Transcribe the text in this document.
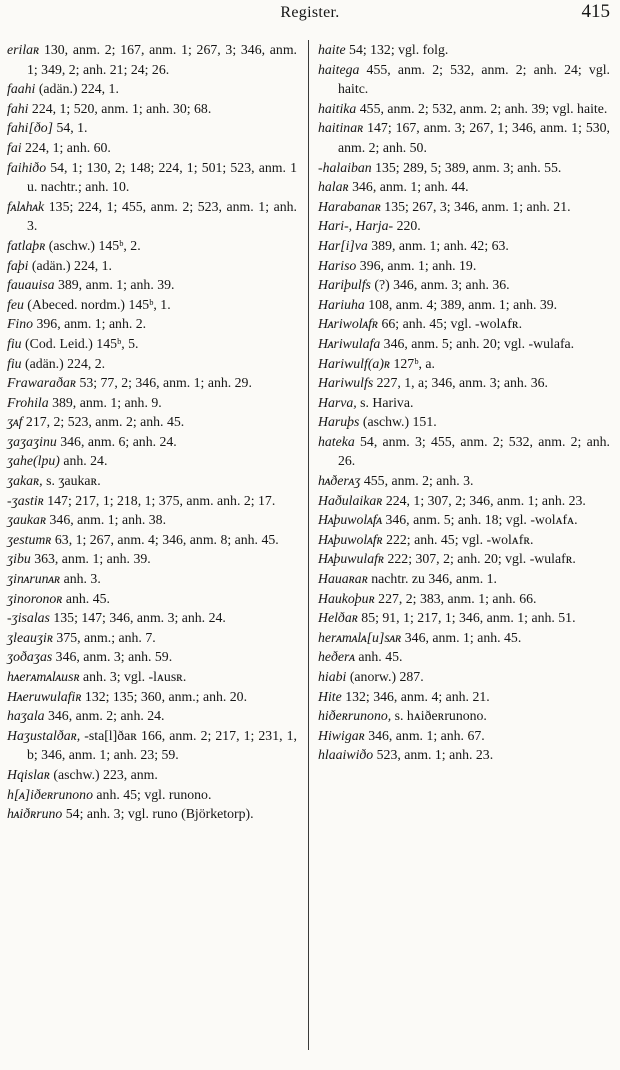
Register.	415
erilaʀ 130, anm. 2; 167, anm. 1; 267, 3; 346, anm. 1; 349, 2; anh. 21; 24; 26.
faahi (adän.) 224, 1.
fahi 224, 1; 520, anm. 1; anh. 30; 68.
fahi[ðo] 54, 1.
fai 224, 1; anh. 60.
faihiðo 54, 1; 130, 2; 148; 224, 1; 501; 523, anm. 1 u. nachtr.; anh. 10.
fᴀlᴀhᴀk 135; 224, 1; 455, anm. 2; 523, anm. 1; anh. 3.
fatlaþʀ (aschw.) 145ᵇ, 2.
faþi (adän.) 224, 1.
fauauisa 389, anm. 1; anh. 39.
feu (Abeced. nordm.) 145ᵇ, 1.
Fino 396, anm. 1; anh. 2.
fiu (Cod. Leid.) 145ᵇ, 5.
fiu (adän.) 224, 2.
Frawaraðaʀ 53; 77, 2; 346, anm. 1; anh. 29.
Frohila 389, anm. 1; anh. 9.
ʒᴀf 217, 2; 523, anm. 2; anh. 45.
ʒaʒaʒinu 346, anm. 6; anh. 24.
ʒahe(lpu) anh. 24.
ʒakaʀ, s. ʒaukaʀ.
-ʒastiʀ 147; 217, 1; 218, 1; 375, anm. anh. 2; 17.
ʒaukaʀ 346, anm. 1; anh. 38.
ʒestumʀ 63, 1; 267, anm. 4; 346, anm. 8; anh. 45.
ʒibu 363, anm. 1; anh. 39.
ʒinᴀrunᴀʀ anh. 3.
ʒinoronoʀ anh. 45.
-ʒisalas 135; 147; 346, anm. 3; anh. 24.
ʒleauʒiʀ 375, anm.; anh. 7.
ʒoðaʒas 346, anm. 3; anh. 59.
hᴀerᴀmᴀlᴀusʀ anh. 3; vgl. -lᴀusʀ.
Hᴀeruwulafiʀ 132; 135; 360, anm.; anh. 20.
haʒala 346, anm. 2; anh. 24.
Haʒustalðaʀ, -sta[l]ðaʀ 166, anm. 2; 217, 1; 231, 1, b; 346, anm. 1; anh. 23; 59.
Hqislaʀ (aschw.) 223, anm.
h[ᴀ]iðeʀrunono anh. 45; vgl. runono.
hᴀiðʀruno 54; anh. 3; vgl. runo (Björketorp).
haite 54; 132; vgl. folg.
haitega 455, anm. 2; 532, anm. 2; anh. 24; vgl. haitc.
haitika 455, anm. 2; 532, anm. 2; anh. 39; vgl. haite.
haitinaʀ 147; 167, anm. 3; 267, 1; 346, anm. 1; 530, anm. 2; anh. 50.
-halaiban 135; 289, 5; 389, anm. 3; anh. 55.
halaʀ 346, anm. 1; anh. 44.
Harabanaʀ 135; 267, 3; 346, anm. 1; anh. 21.
Hari-, Harja- 220.
Har[i]va 389, anm. 1; anh. 42; 63.
Hariso 396, anm. 1; anh. 19.
Hariþulfs (?) 346, anm. 3; anh. 36.
Hariuha 108, anm. 4; 389, anm. 1; anh. 39.
Hᴀriwolᴀfʀ 66; anh. 45; vgl. -wolᴀfʀ.
Hᴀriwulafa 346, anm. 5; anh. 20; vgl. -wulafa.
Hariwulf(a)ʀ 127ᵇ, a.
Hariwulfs 227, 1, a; 346, anm. 3; anh. 36.
Harva, s. Hariva.
Haruþs (aschw.) 151.
hateka 54, anm. 3; 455, anm. 2; 532, anm. 2; anh. 26.
hᴀðerᴀʒ 455, anm. 2; anh. 3.
Haðulaikaʀ 224, 1; 307, 2; 346, anm. 1; anh. 23.
Hᴀþuwolᴀfᴀ 346, anm. 5; anh. 18; vgl. -wolᴀfᴀ.
Hᴀþuwolᴀfʀ 222; anh. 45; vgl. -wolᴀfʀ.
Hᴀþuwulafʀ 222; 307, 2; anh. 20; vgl. -wulafʀ.
Hauaʀaʀ nachtr. zu 346, anm. 1.
Haukoþuʀ 227, 2; 383, anm. 1; anh. 66.
Helðaʀ 85; 91, 1; 217, 1; 346, anm. 1; anh. 51.
herᴀmᴀlᴀ[u]sᴀʀ 346, anm. 1; anh. 45.
heðerᴀ anh. 45.
hiabi (anorw.) 287.
Hite 132; 346, anm. 4; anh. 21.
hiðeʀrunono, s. hᴀiðeʀrunono.
Hiwigaʀ 346, anm. 1; anh. 67.
hlaaiwiðo 523, anm. 1; anh. 23.
